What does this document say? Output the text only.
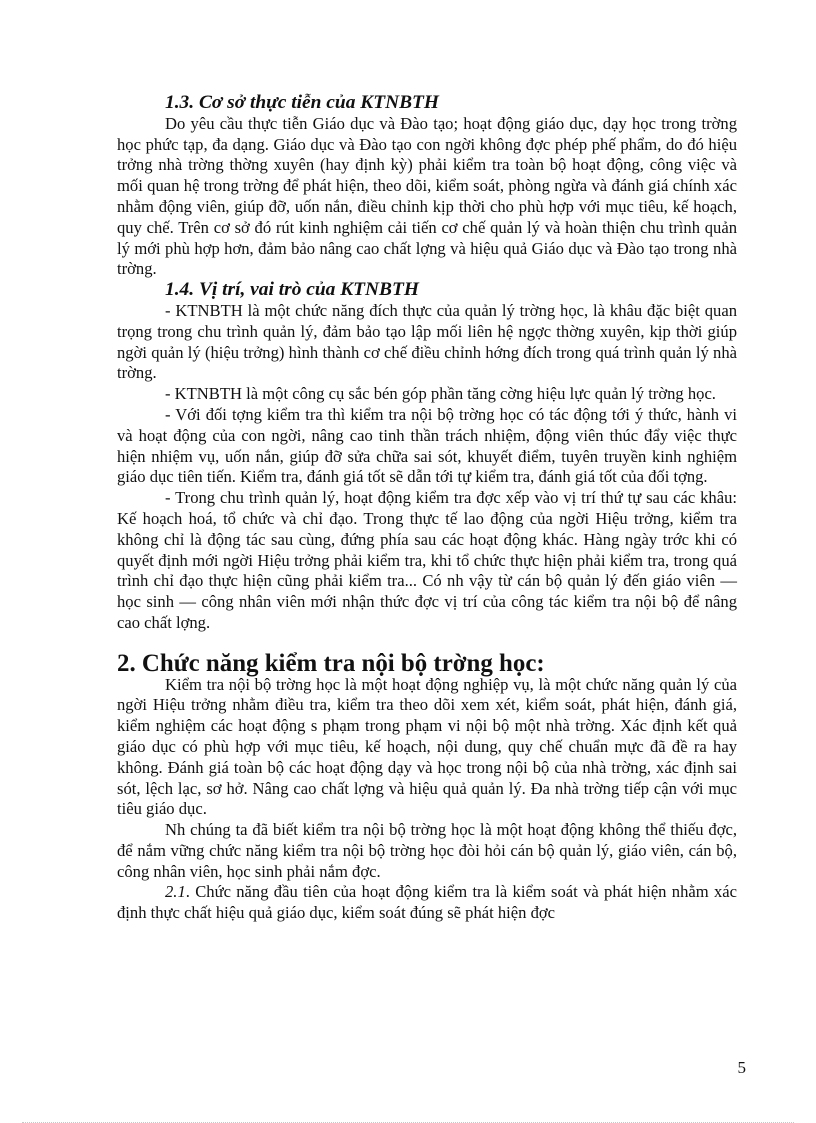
1.3. Cơ sở thực tiễn của KTNBTH

Do yêu cầu thực tiễn Giáo dục và Đào tạo; hoạt động giáo dục, dạy học trong trờng học phức tạp, đa dạng. Giáo dục và Đào tạo con ngời không đợc phép phế phẩm, do đó hiệu trởng nhà trờng thờng xuyên (hay định kỳ) phải kiểm tra toàn bộ hoạt động, công việc và mối quan hệ trong trờng để phát hiện, theo dõi, kiểm soát, phòng ngừa và đánh giá chính xác nhằm động viên, giúp đỡ, uốn nắn, điều chỉnh kịp thời cho phù hợp với mục tiêu, kế hoạch, quy chế. Trên cơ sở đó rút kinh nghiệm cải tiến cơ chế quản lý và hoàn thiện chu trình quản lý mới phù hợp hơn, đảm bảo nâng cao chất lợng và hiệu quả Giáo dục và Đào tạo trong nhà trờng.

1.4. Vị trí, vai trò của KTNBTH

- KTNBTH là một chức năng đích thực của quản lý trờng học, là khâu đặc biệt quan trọng trong chu trình quản lý, đảm bảo tạo lập mối liên hệ ngợc thờng xuyên, kịp thời giúp ngời quản lý (hiệu trởng) hình thành cơ chế điều chỉnh hớng đích trong quá trình quản lý nhà trờng.

- KTNBTH là một công cụ sắc bén góp phần tăng cờng hiệu lực quản lý trờng học.

- Với đối tợng kiểm tra thì kiểm tra nội bộ trờng học có tác động tới ý thức, hành vi và hoạt động của con ngời, nâng cao tinh thần trách nhiệm, động viên thúc đẩy việc thực hiện nhiệm vụ, uốn nắn, giúp đỡ sửa chữa sai sót, khuyết điểm, tuyên truyền kinh nghiệm giáo dục tiên tiến. Kiểm tra, đánh giá tốt sẽ dẫn tới tự kiểm tra, đánh giá tốt của đối tợng.

- Trong chu trình quản lý, hoạt động kiểm tra đợc xếp vào vị trí thứ tự sau các khâu: Kế hoạch hoá, tổ chức và chỉ đạo. Trong thực tế lao động của ngời Hiệu trởng, kiểm tra không chỉ là động tác sau cùng, đứng phía sau các hoạt động khác. Hàng ngày trớc khi có quyết định mới ngời Hiệu trởng phải kiểm tra, khi tổ chức thực hiện phải kiểm tra, trong quá trình chỉ đạo thực hiện cũng phải kiểm tra... Có nh vậy từ cán bộ quản lý đến giáo viên — học sinh — công nhân viên mới nhận thức đợc vị trí của công tác kiểm tra nội bộ để nâng cao chất lợng.

2. Chức năng kiểm tra nội bộ trờng học:

Kiểm tra nội bộ trờng học là một hoạt động nghiệp vụ, là một chức năng quản lý của ngời Hiệu trởng nhằm điều tra, kiểm tra theo dõi xem xét, kiểm soát, phát hiện, đánh giá, kiểm nghiệm các hoạt động s phạm trong phạm vi nội bộ một nhà trờng. Xác định kết quả giáo dục có phù hợp với mục tiêu, kế hoạch, nội dung, quy chế chuẩn mực đã đề ra hay không. Đánh giá toàn bộ các hoạt động dạy và học trong nội bộ của nhà trờng, xác định sai sót, lệch lạc, sơ hở. Nâng cao chất lợng và hiệu quả quản lý. Đa nhà trờng tiếp cận với mục tiêu giáo dục.

Nh chúng ta đã biết kiểm tra nội bộ trờng học là một hoạt động không thể thiếu đợc, để nắm vững chức năng kiểm tra nội bộ trờng học đòi hỏi cán bộ quản lý, giáo viên, cán bộ, công nhân viên, học sinh phải nắm đợc.

2.1. Chức năng đầu tiên của hoạt động kiểm tra là kiểm soát và phát hiện nhằm xác định thực chất hiệu quả giáo dục, kiểm soát đúng sẽ phát hiện đợc

5
